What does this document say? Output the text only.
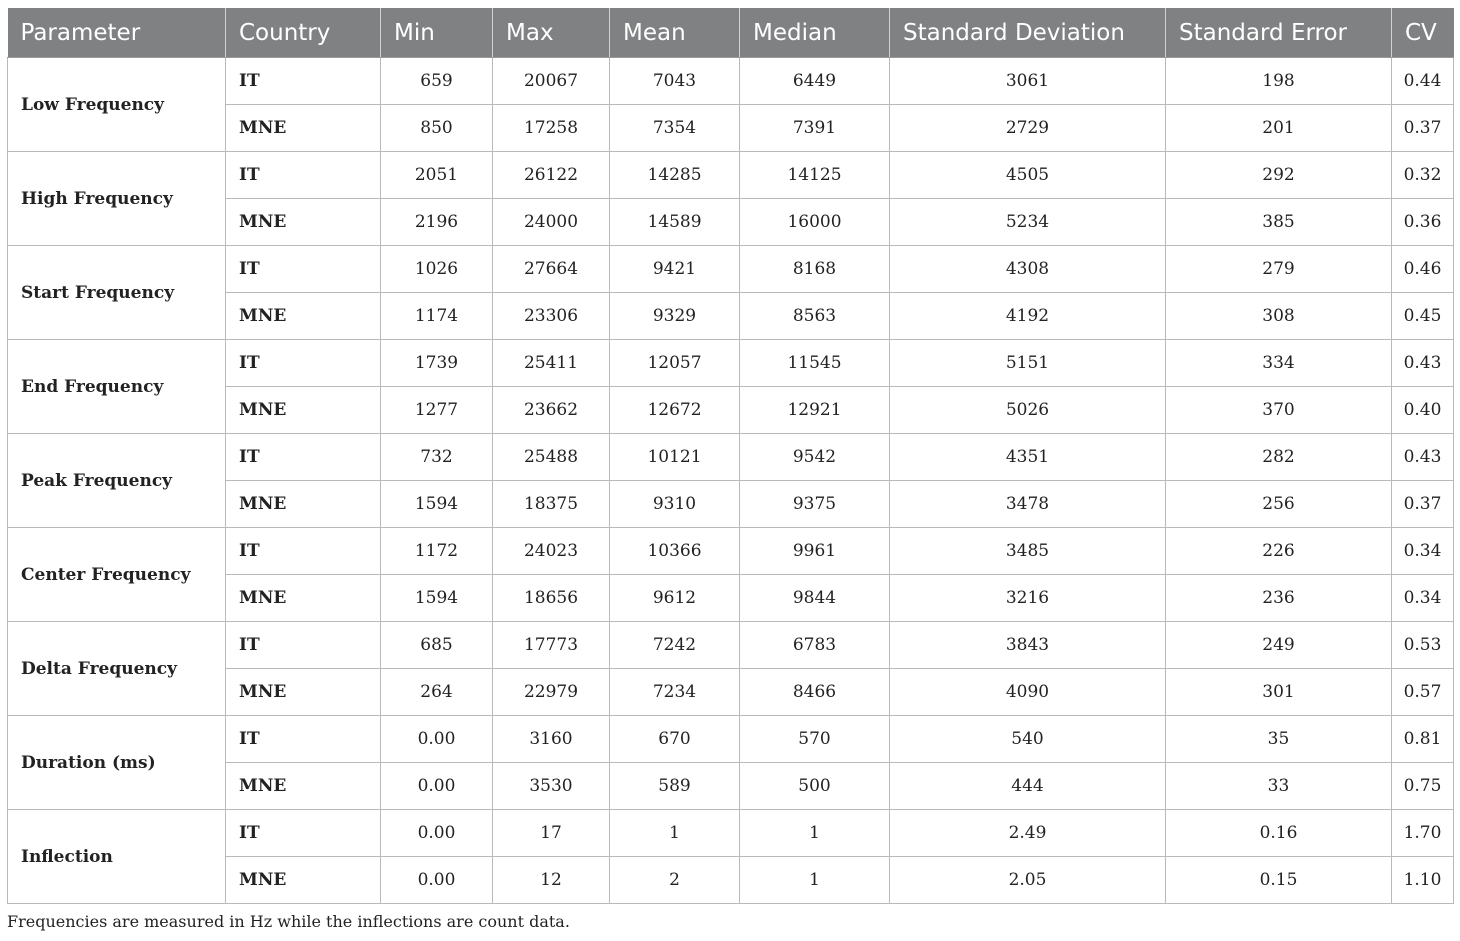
Parameter	Country	Min	Max	Mean	Median	Standard Deviation	Standard Error	CV
Low Frequency	IT	659	20067	7043	6449	3061	198	0.44
	MNE	850	17258	7354	7391	2729	201	0.37
High Frequency	IT	2051	26122	14285	14125	4505	292	0.32
	MNE	2196	24000	14589	16000	5234	385	0.36
Start Frequency	IT	1026	27664	9421	8168	4308	279	0.46
	MNE	1174	23306	9329	8563	4192	308	0.45
End Frequency	IT	1739	25411	12057	11545	5151	334	0.43
	MNE	1277	23662	12672	12921	5026	370	0.40
Peak Frequency	IT	732	25488	10121	9542	4351	282	0.43
	MNE	1594	18375	9310	9375	3478	256	0.37
Center Frequency	IT	1172	24023	10366	9961	3485	226	0.34
	MNE	1594	18656	9612	9844	3216	236	0.34
Delta Frequency	IT	685	17773	7242	6783	3843	249	0.53
	MNE	264	22979	7234	8466	4090	301	0.57
Duration (ms)	IT	0.00	3160	670	570	540	35	0.81
	MNE	0.00	3530	589	500	444	33	0.75
Inflection	IT	0.00	17	1	1	2.49	0.16	1.70
	MNE	0.00	12	2	1	2.05	0.15	1.10
Frequencies are measured in Hz while the inflections are count data.
